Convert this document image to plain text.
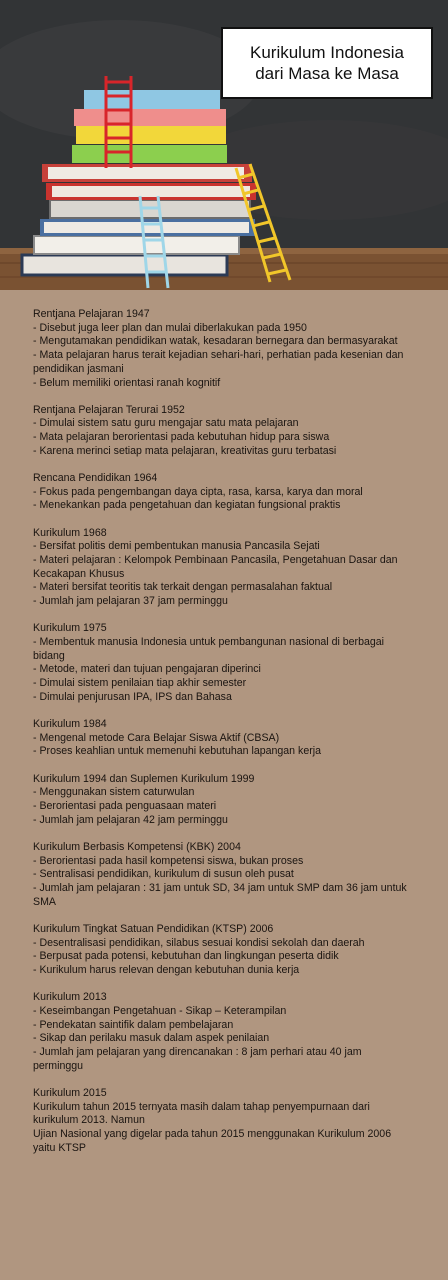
Kurikulum Indonesia
dari Masa ke Masa
Rentjana Pelajaran 1947
- Disebut juga leer plan dan mulai diberlakukan pada 1950
- Mengutamakan pendidikan watak, kesadaran bernegara dan bermasyarakat
- Mata pelajaran harus terait kejadian sehari-hari, perhatian pada kesenian dan pendidikan jasmani
- Belum memiliki orientasi ranah kognitif
Rentjana Pelajaran Terurai 1952
- Dimulai sistem satu guru mengajar satu mata pelajaran
- Mata pelajaran berorientasi pada kebutuhan hidup para siswa
- Karena merinci setiap mata pelajaran, kreativitas guru terbatasi
Rencana Pendidikan 1964
- Fokus pada pengembangan daya cipta, rasa, karsa, karya dan moral
- Menekankan pada pengetahuan dan kegiatan fungsional praktis
Kurikulum 1968
- Bersifat politis demi pembentukan manusia Pancasila Sejati
- Materi pelajaran : Kelompok Pembinaan Pancasila, Pengetahuan Dasar dan Kecakapan Khusus
- Materi bersifat teoritis tak terkait dengan permasalahan faktual
- Jumlah jam pelajaran 37 jam perminggu
Kurikulum 1975
- Membentuk manusia Indonesia untuk pembangunan nasional di berbagai bidang
- Metode, materi dan tujuan pengajaran diperinci
- Dimulai sistem penilaian tiap akhir semester
- Dimulai penjurusan IPA, IPS dan Bahasa
Kurikulum 1984
- Mengenal metode Cara Belajar Siswa Aktif (CBSA)
- Proses keahlian untuk memenuhi kebutuhan lapangan kerja
Kurikulum 1994 dan Suplemen Kurikulum 1999
- Menggunakan sistem caturwulan
- Berorientasi pada penguasaan materi
- Jumlah jam pelajaran 42 jam perminggu
Kurikulum Berbasis Kompetensi (KBK) 2004
- Berorientasi pada hasil kompetensi siswa, bukan proses
- Sentralisasi pendidikan, kurikulum di susun oleh pusat
- Jumlah jam pelajaran : 31 jam untuk SD, 34 jam untuk SMP dam 36 jam untuk SMA
Kurikulum Tingkat Satuan Pendidikan (KTSP) 2006
- Desentralisasi pendidikan, silabus sesuai kondisi sekolah dan daerah
- Berpusat pada potensi, kebutuhan dan lingkungan peserta didik
- Kurikulum harus relevan dengan kebutuhan dunia kerja
Kurikulum 2013
- Keseimbangan Pengetahuan - Sikap – Keterampilan
- Pendekatan saintifik dalam pembelajaran
- Sikap dan perilaku masuk dalam aspek penilaian
- Jumlah jam pelajaran yang direncanakan : 8 jam perhari atau 40 jam perminggu
Kurikulum 2015
Kurikulum tahun 2015 ternyata masih dalam tahap penyempurnaan dari kurikulum 2013. Namun
Ujian Nasional yang digelar pada tahun 2015 menggunakan Kurikulum 2006 yaitu KTSP
